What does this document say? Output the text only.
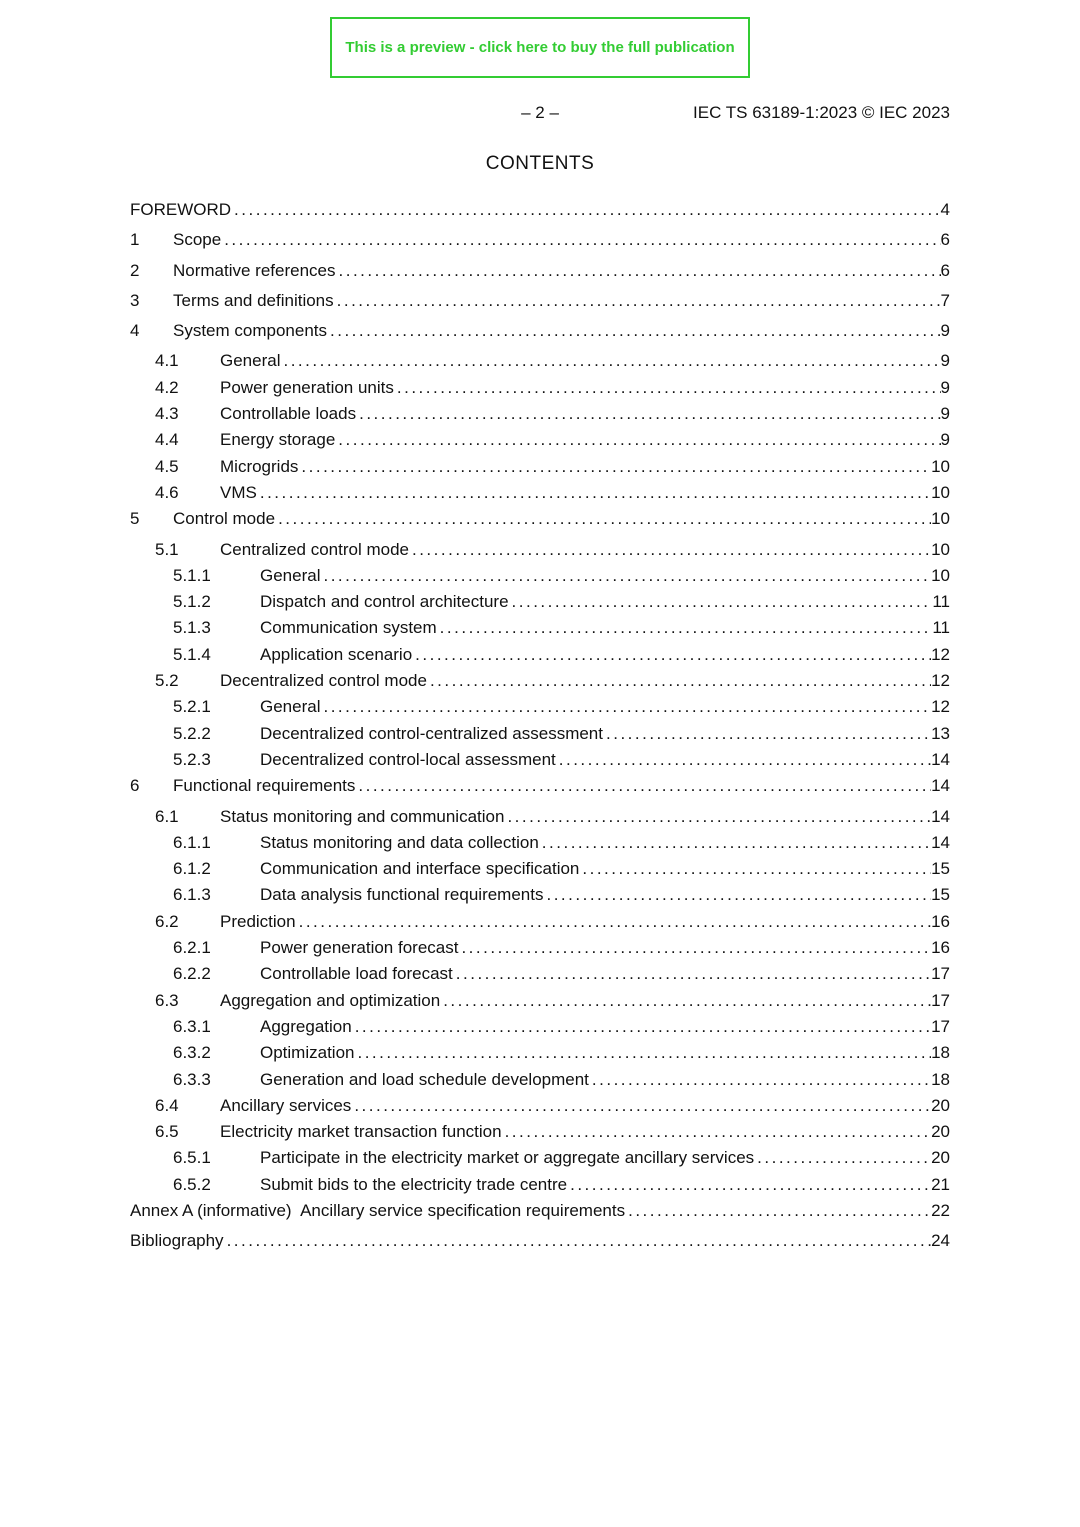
This is a preview - click here to buy the full publication
– 2 –	IEC TS 63189-1:2023 © IEC 2023
CONTENTS
FOREWORD .....	4
1	Scope .....	6
2	Normative references .....	6
3	Terms and definitions .....	7
4	System components .....	9
4.1	General .....	9
4.2	Power generation units .....	9
4.3	Controllable loads .....	9
4.4	Energy storage .....	9
4.5	Microgrids .....	10
4.6	VMS .....	10
5	Control mode .....	10
5.1	Centralized control mode .....	10
5.1.1	General .....	10
5.1.2	Dispatch and control architecture .....	11
5.1.3	Communication system .....	11
5.1.4	Application scenario .....	12
5.2	Decentralized control mode .....	12
5.2.1	General .....	12
5.2.2	Decentralized control-centralized assessment .....	13
5.2.3	Decentralized control-local assessment .....	14
6	Functional requirements .....	14
6.1	Status monitoring and communication .....	14
6.1.1	Status monitoring and data collection .....	14
6.1.2	Communication and interface specification .....	15
6.1.3	Data analysis functional requirements .....	15
6.2	Prediction .....	16
6.2.1	Power generation forecast .....	16
6.2.2	Controllable load forecast .....	17
6.3	Aggregation and optimization .....	17
6.3.1	Aggregation .....	17
6.3.2	Optimization .....	18
6.3.3	Generation and load schedule development .....	18
6.4	Ancillary services .....	20
6.5	Electricity market transaction function .....	20
6.5.1	Participate in the electricity market or aggregate ancillary services .....	20
6.5.2	Submit bids to the electricity trade centre .....	21
Annex A (informative)  Ancillary service specification requirements .....	22
Bibliography .....	24
